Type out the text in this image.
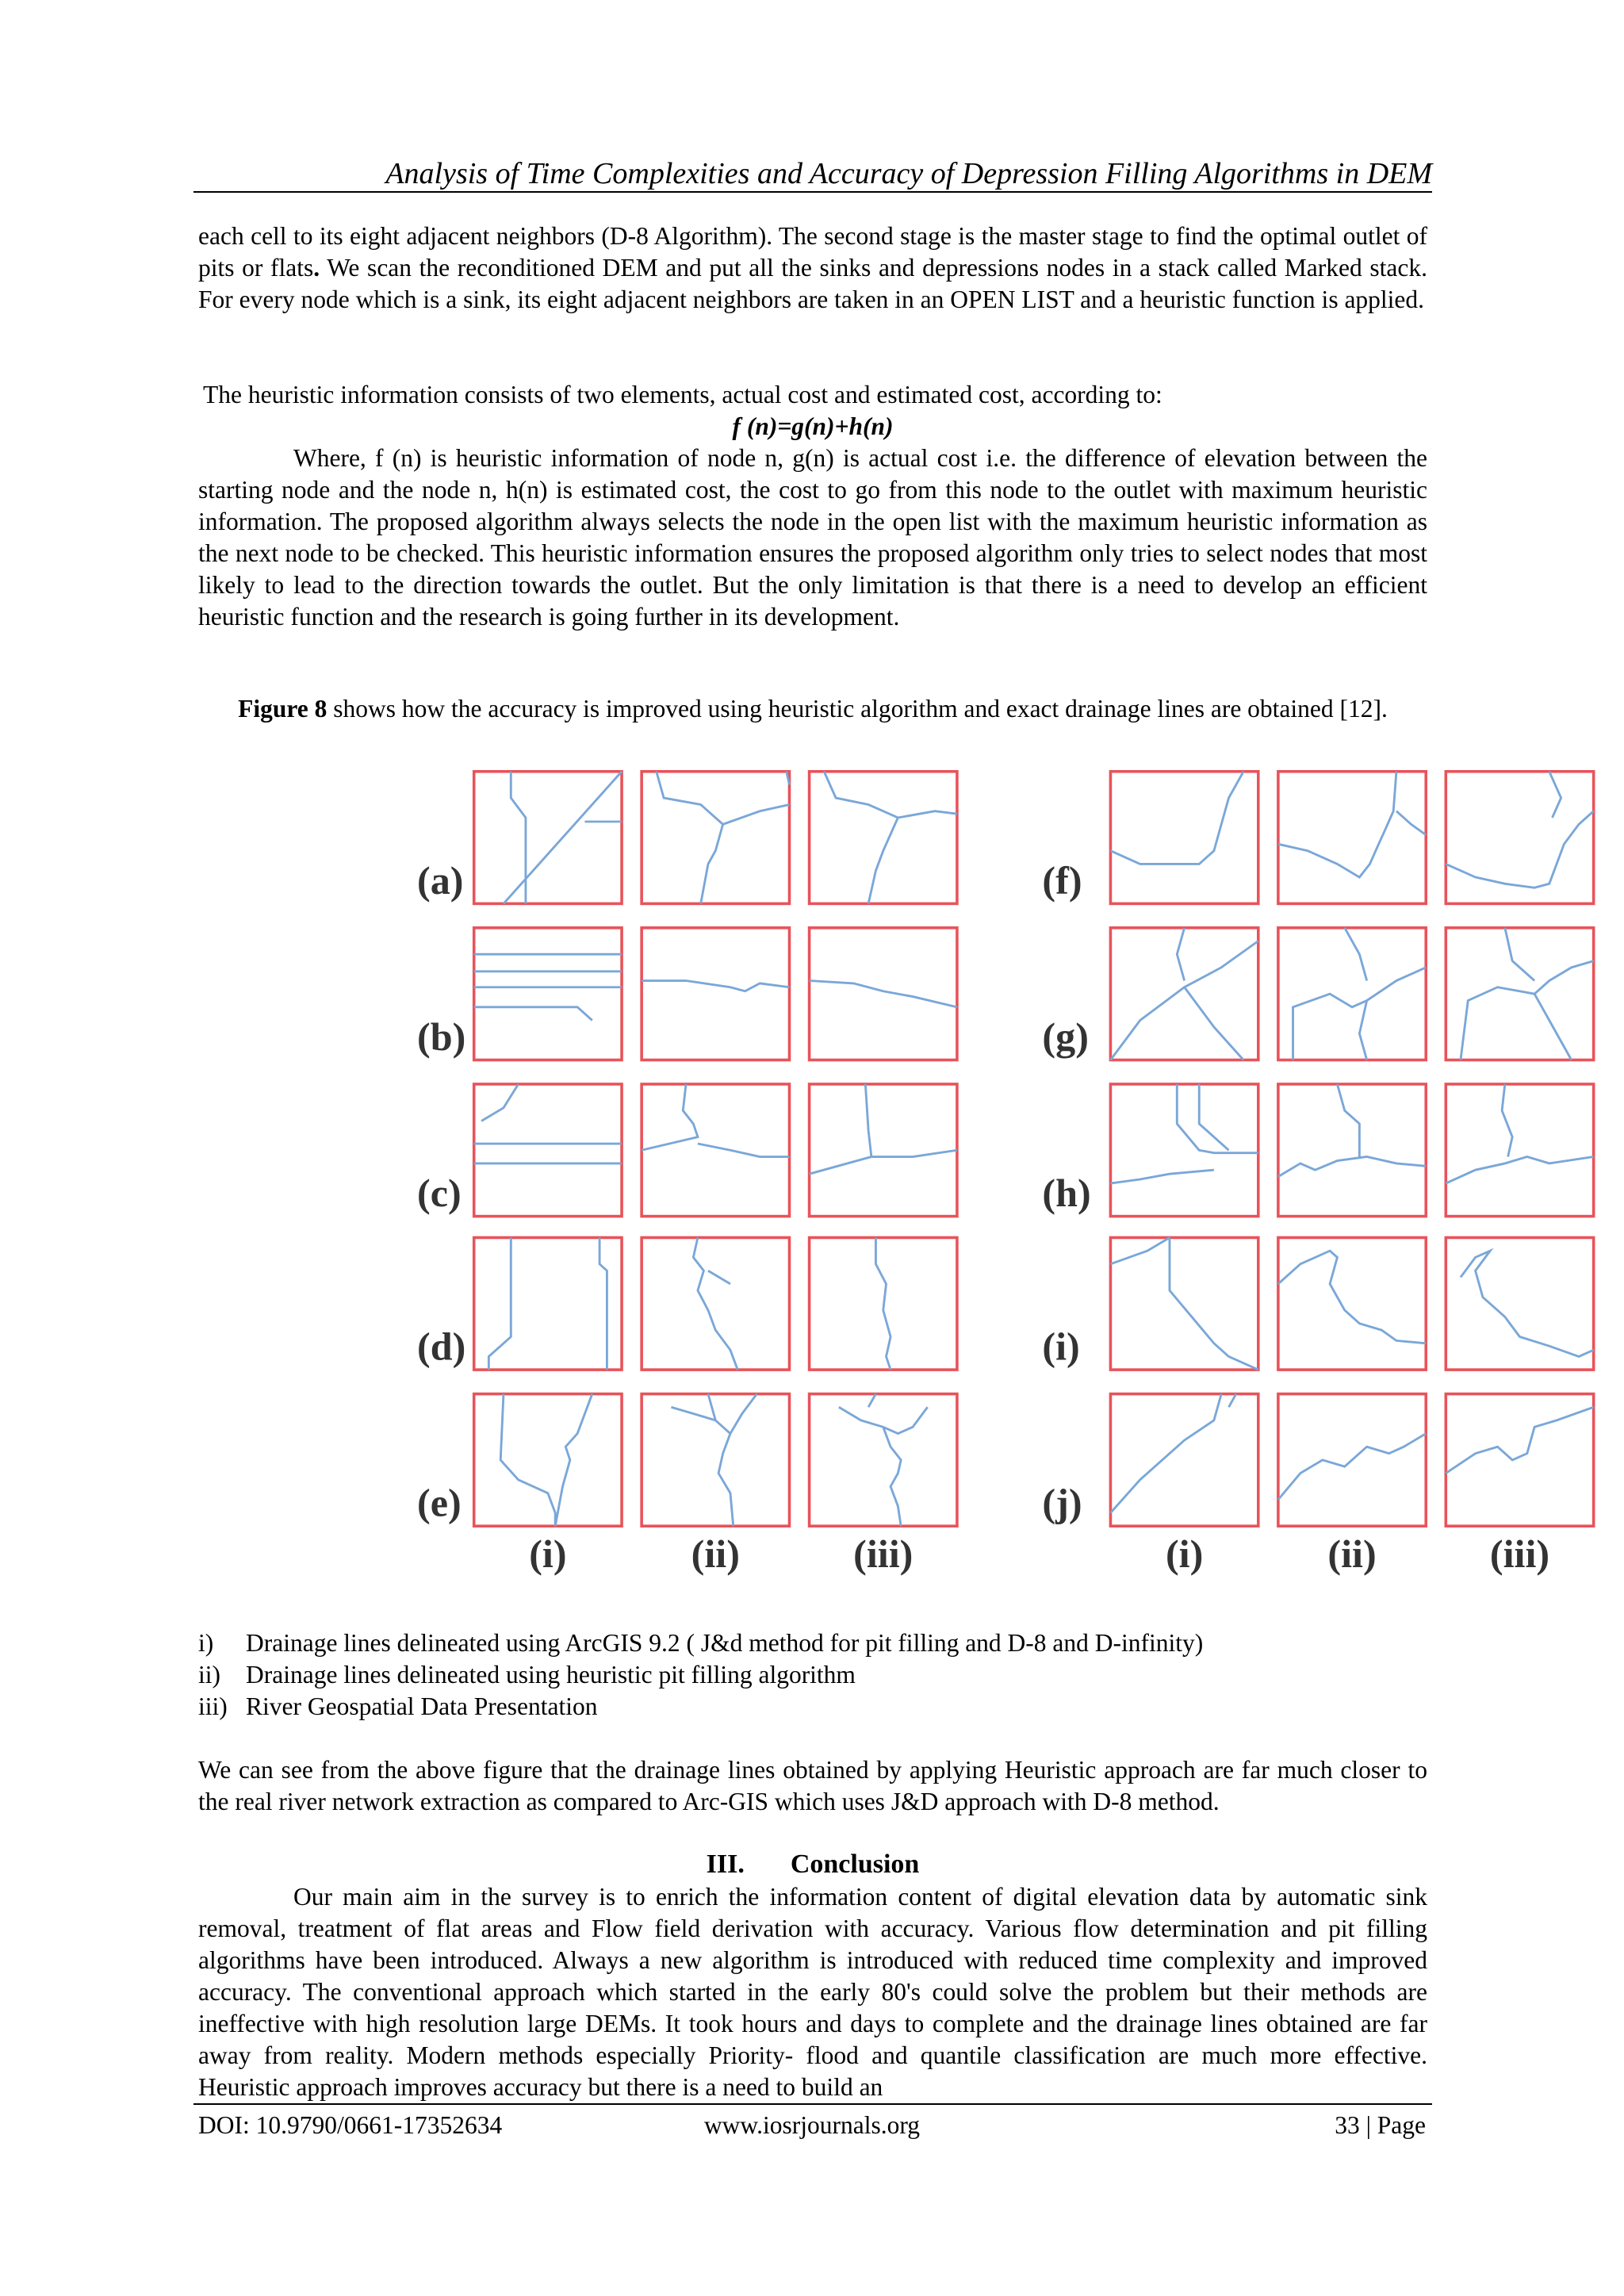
Analysis of Time Complexities and Accuracy of Depression Filling Algorithms in DEM
each cell to its eight adjacent neighbors (D-8 Algorithm). The second stage is the master stage to find the optimal outlet of pits or flats. We scan the reconditioned DEM and put all the sinks and depressions nodes in a stack called Marked stack. For every node which is a sink, its eight adjacent neighbors are taken in an OPEN LIST and a heuristic function is applied.
The heuristic information consists of two elements, actual cost and estimated cost, according to:
f (n)=g(n)+h(n)
Where, f (n) is heuristic information of node n, g(n) is actual cost i.e. the difference of elevation between the starting node and the node n, h(n) is estimated cost, the cost to go from this node to the outlet with maximum heuristic information. The proposed algorithm always selects the node in the open list with the maximum heuristic information as the next node to be checked. This heuristic information ensures the proposed algorithm only tries to select nodes that most likely to lead to the direction towards the outlet. But the only limitation is that there is a need to develop an efficient heuristic function and the research is going further in its development.
Figure 8 shows how the accuracy is improved using heuristic algorithm and exact drainage lines are obtained [12].
(a)	(f)
(b)	(g)
(c)	(h)
(d)	(i)
(e)	(j)
(i)	(i)
(ii)	(ii)
(iii)	(iii)
i) Drainage lines delineated using ArcGIS 9.2 ( J&d method for pit filling and D-8 and D-infinity)
ii) Drainage lines delineated using heuristic pit filling algorithm
iii) River Geospatial Data Presentation
We can see from the above figure that the drainage lines obtained by applying Heuristic approach are far much closer to the real river network extraction as compared to Arc-GIS which uses J&D approach with D-8 method.
III. Conclusion
Our main aim in the survey is to enrich the information content of digital elevation data by automatic sink removal, treatment of flat areas and Flow field derivation with accuracy. Various flow determination and pit filling algorithms have been introduced. Always a new algorithm is introduced with reduced time complexity and improved accuracy. The conventional approach which started in the early 80's could solve the problem but their methods are ineffective with high resolution large DEMs. It took hours and days to complete and the drainage lines obtained are far away from reality. Modern methods especially Priority- flood and quantile classification are much more effective. Heuristic approach improves accuracy but there is a need to build an
DOI: 10.9790/0661-17352634	www.iosrjournals.org	33 | Page
